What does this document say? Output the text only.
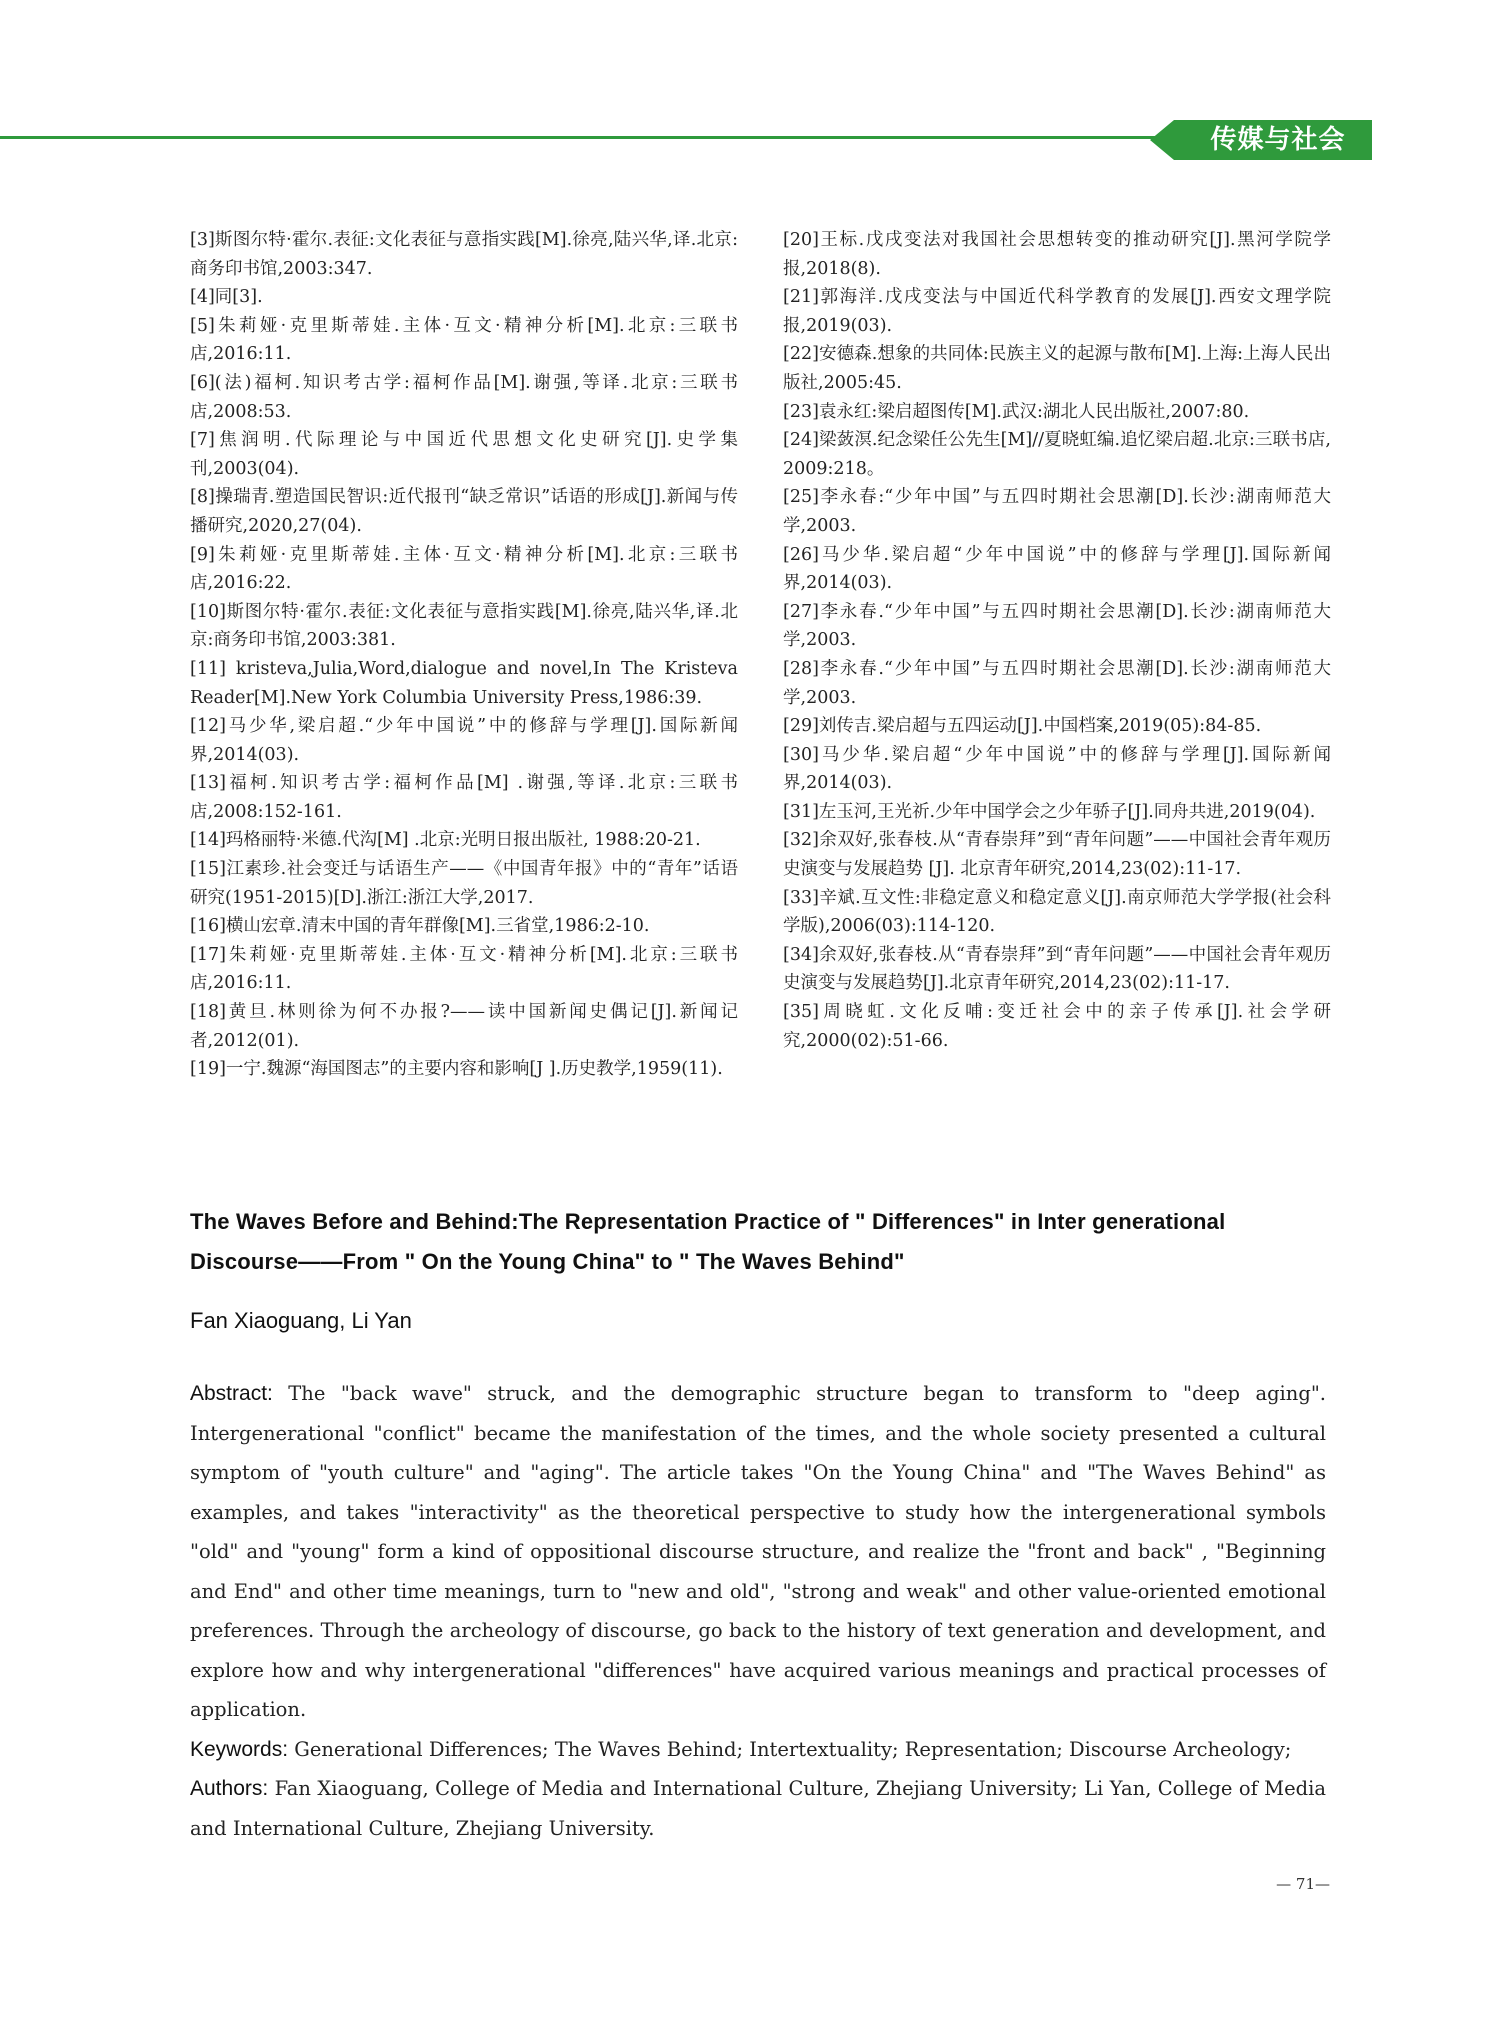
传媒与社会

[3]斯图尔特·霍尔.表征:文化表征与意指实践[M].徐亮,陆兴华,译.北京:商务印书馆,2003:347.

[4]同[3].

[5]朱莉娅·克里斯蒂娃.主体·互文·精神分析[M].北京:三联书店,2016:11.

[6](法)福柯.知识考古学:福柯作品[M].谢强,等译.北京:三联书店,2008:53.

[7]焦润明.代际理论与中国近代思想文化史研究[J].史学集刊,2003(04).

[8]操瑞青.塑造国民智识:近代报刊“缺乏常识”话语的形成[J].新闻与传播研究,2020,27(04).

[9]朱莉娅·克里斯蒂娃.主体·互文·精神分析[M].北京:三联书店,2016:22.

[10]斯图尔特·霍尔.表征:文化表征与意指实践[M].徐亮,陆兴华,译.北京:商务印书馆,2003:381.

[11] kristeva,Julia,Word,dialogue and novel,In The Kristeva Reader[M].New York Columbia University Press,1986:39.

[12]马少华,梁启超.“少年中国说”中的修辞与学理[J].国际新闻界,2014(03).

[13]福柯.知识考古学:福柯作品[M] .谢强,等译.北京:三联书店,2008:152-161.

[14]玛格丽特·米德.代沟[M] .北京:光明日报出版社, 1988:20-21.

[15]江素珍.社会变迁与话语生产——《中国青年报》中的“青年”话语研究(1951-2015)[D].浙江:浙江大学,2017.

[16]横山宏章.清末中国的青年群像[M].三省堂,1986:2-10.

[17]朱莉娅·克里斯蒂娃.主体·互文·精神分析[M].北京:三联书店,2016:11.

[18]黄旦.林则徐为何不办报?——读中国新闻史偶记[J].新闻记者,2012(01).

[19]一宁.魏源“海国图志”的主要内容和影响[J ].历史教学,1959(11).

[20]王标.戊戌变法对我国社会思想转变的推动研究[J].黑河学院学报,2018(8).

[21]郭海洋.戊戌变法与中国近代科学教育的发展[J].西安文理学院报,2019(03).

[22]安德森.想象的共同体:民族主义的起源与散布[M].上海:上海人民出版社,2005:45.

[23]袁永红:梁启超图传[M].武汉:湖北人民出版社,2007:80.

[24]梁蔹溟.纪念梁任公先生[M]//夏晓虹编.追忆梁启超.北京:三联书店, 2009:218。

[25]李永春:“少年中国”与五四时期社会思潮[D].长沙:湖南师范大学,2003.

[26]马少华.梁启超“少年中国说”中的修辞与学理[J].国际新闻界,2014(03).

[27]李永春.“少年中国”与五四时期社会思潮[D].长沙:湖南师范大学,2003.

[28]李永春.“少年中国”与五四时期社会思潮[D].长沙:湖南师范大学,2003.

[29]刘传吉.梁启超与五四运动[J].中国档案,2019(05):84-85.

[30]马少华.梁启超“少年中国说”中的修辞与学理[J].国际新闻界,2014(03).

[31]左玉河,王光祈.少年中国学会之少年骄子[J].同舟共进,2019(04).

[32]余双好,张春枝.从“青春崇拜”到“青年问题”——中国社会青年观历史演变与发展趋势 [J]. 北京青年研究,2014,23(02):11-17.

[33]辛斌.互文性:非稳定意义和稳定意义[J].南京师范大学学报(社会科学版),2006(03):114-120.

[34]余双好,张春枝.从“青春崇拜”到“青年问题”——中国社会青年观历史演变与发展趋势[J].北京青年研究,2014,23(02):11-17.

[35]周晓虹.文化反哺:变迁社会中的亲子传承[J].社会学研究,2000(02):51-66.

The Waves Before and Behind:The Representation Practice of " Differences" in Inter generational Discourse——From " On the Young China" to " The Waves Behind"
Fan Xiaoguang, Li Yan

Abstract: The "back wave" struck, and the demographic structure began to transform to "deep aging". Intergenerational "conflict" became the manifestation of the times, and the whole society presented a cultural symptom of "youth culture" and "aging". The article takes "On the Young China" and "The Waves Behind" as examples, and takes "interactivity" as the theoretical perspective to study how the intergenerational symbols "old" and "young" form a kind of oppositional discourse structure, and realize the "front and back" , "Beginning and End" and other time meanings, turn to "new and old", "strong and weak" and other value-oriented emotional preferences. Through the archeology of discourse, go back to the history of text generation and development, and explore how and why intergenerational "differences" have acquired various meanings and practical processes of application.

Keywords: Generational Differences; The Waves Behind; Intertextuality; Representation; Discourse Archeology;

Authors: Fan Xiaoguang, College of Media and International Culture, Zhejiang University; Li Yan, College of Media and International Culture, Zhejiang University.

— 71—
